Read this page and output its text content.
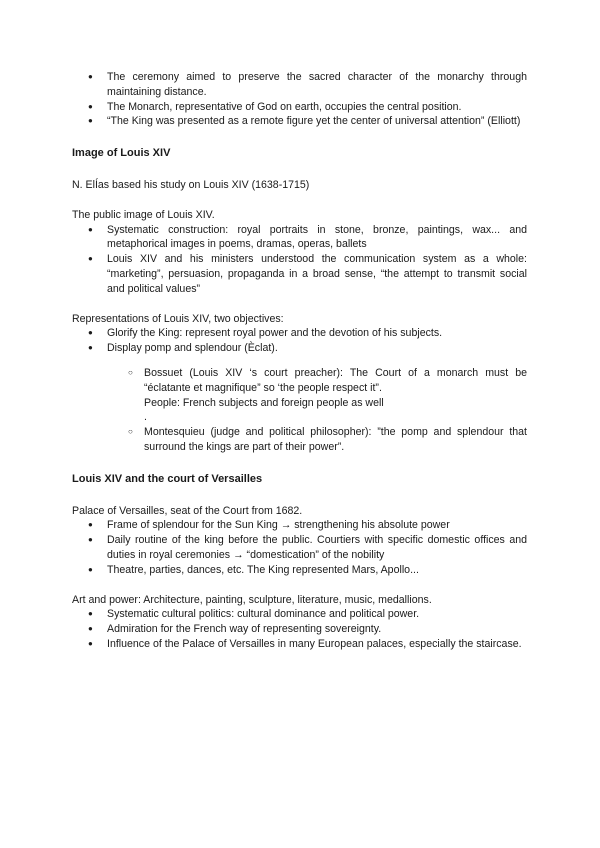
● The ceremony aimed to preserve the sacred character of the monarchy through maintaining distance.
● The Monarch, representative of God on earth, occupies the central position.
● “The King was presented as a remote figure yet the center of universal attention” (Elliott)

Image of Louis XIV

N. ElÍas based his study on Louis XIV (1638-1715)

The public image of Louis XIV.

● Systematic construction: royal portraits in stone, bronze, paintings, wax... and metaphorical images in poems, dramas, operas, ballets
● Louis XIV and his ministers understood the communication system as a whole: “marketing”, persuasion, propaganda in a broad sense, “the attempt to transmit social and political values”

Representations of Louis XIV, two objectives:

● Glorify the King: represent royal power and the devotion of his subjects.
● Display pomp and splendour (Èclat).
○ Bossuet (Louis XIV ‘s court preacher): The Court of a monarch must be “éclatante et magnifique” so ‘the people respect it”.
People: French subjects and foreign people as well
.
○ Montesquieu (judge and political philosopher): ”the pomp and splendour that surround the kings are part of their power”.

Louis XIV and the court of Versailles

Palace of Versailles, seat of the Court from 1682.

● Frame of splendour for the Sun King → strengthening his absolute power
● Daily routine of the king before the public. Courtiers with specific domestic offices and duties in royal ceremonies → “domestication” of the nobility
● Theatre, parties, dances, etc. The King represented Mars, Apollo...

Art and power: Architecture, painting, sculpture, literature, music, medallions.

● Systematic cultural politics: cultural dominance and political power.
● Admiration for the French way of representing sovereignty.
● Influence of the Palace of Versailles in many European palaces, especially the staircase.
